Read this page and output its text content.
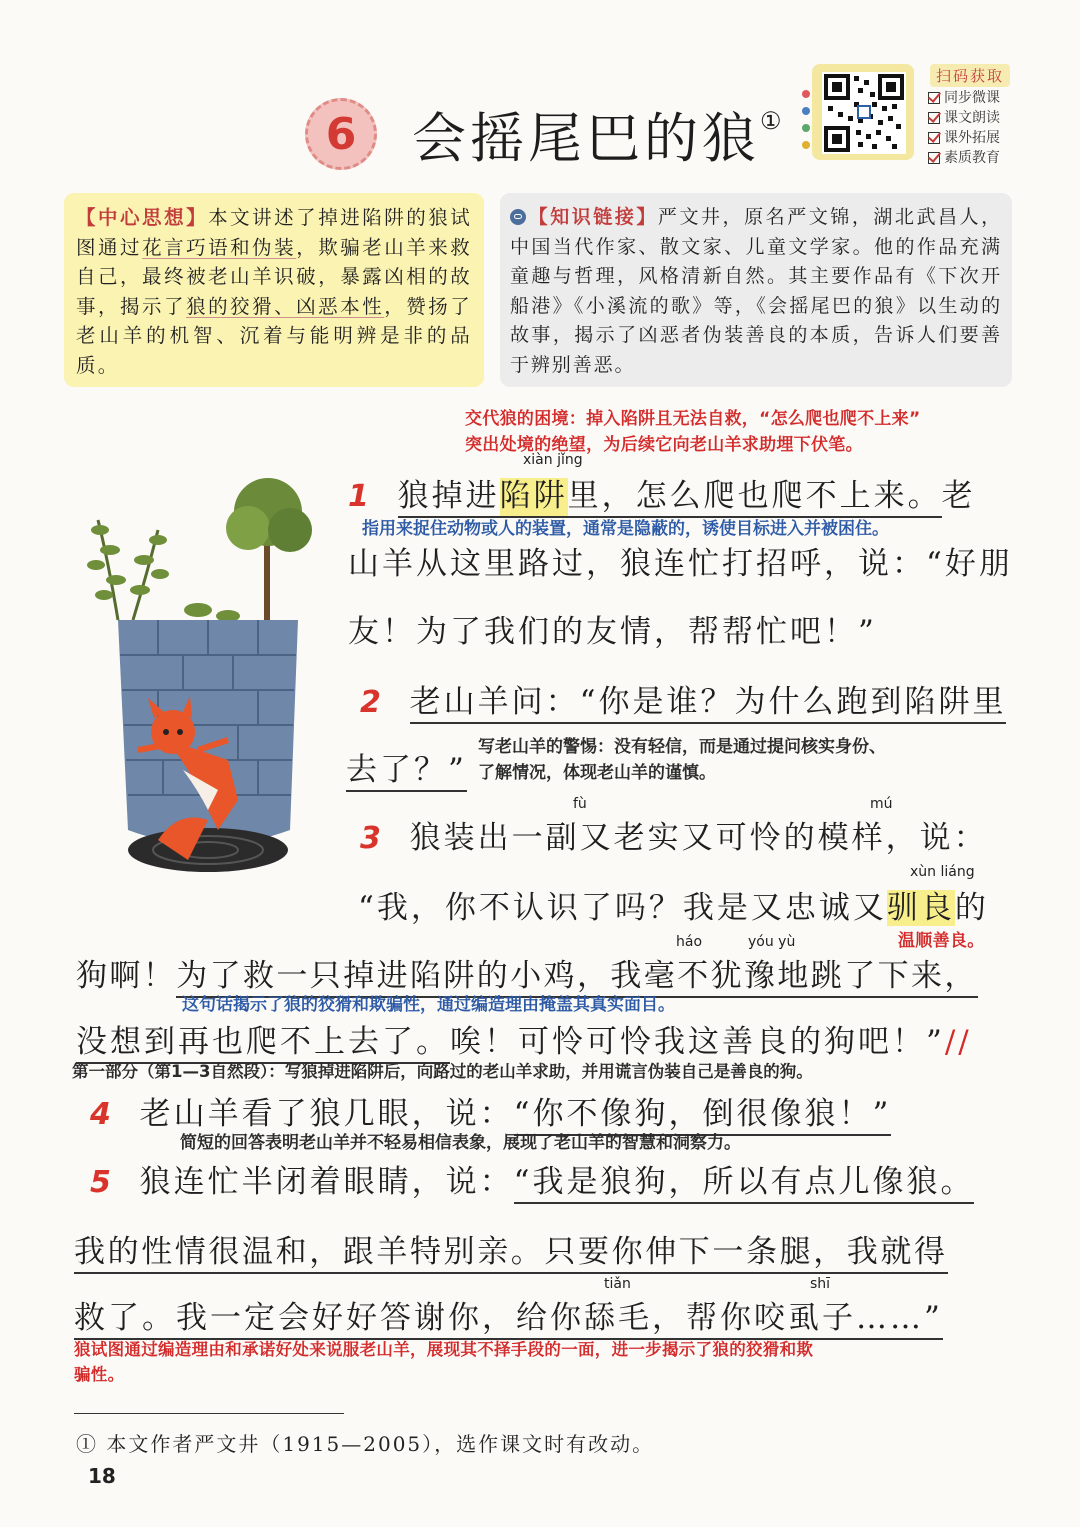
6	会摇尾巴的狼①
扫码获取
同步微课
课文朗读
课外拓展
素质教育
【中心思想】本文讲述了掉进陷阱的狼试图通过花言巧语和伪装，欺骗老山羊来救自己，最终被老山羊识破，暴露凶相的故事，揭示了狼的狡猾、凶恶本性，赞扬了老山羊的机智、沉着与能明辨是非的品质。
【知识链接】严文井，原名严文锦，湖北武昌人，中国当代作家、散文家、儿童文学家。他的作品充满童趣与哲理，风格清新自然。其主要作品有《下次开船港》《小溪流的歌》等，《会摇尾巴的狼》以生动的故事，揭示了凶恶者伪装善良的本质，告诉人们要善于辨别善恶。
交代狼的困境：掉入陷阱且无法自救，“怎么爬也爬不上来”
突出处境的绝望，为后续它向老山羊求助埋下伏笔。
xiàn jǐng
1 狼掉进陷阱里，怎么爬也爬不上来。老
指用来捉住动物或人的装置，通常是隐蔽的，诱使目标进入并被困住。
山羊从这里路过，狼连忙打招呼，说：“好朋
友！为了我们的友情，帮帮忙吧！”
2 老山羊问：“你是谁？为什么跑到陷阱里
去了？”
写老山羊的警惕：没有轻信，而是通过提问核实身份、
了解情况，体现老山羊的谨慎。
fù	mú
3 狼装出一副又老实又可怜的模样，说：
xùn liáng
“我，你不认识了吗？我是又忠诚又驯良的
温顺善良。
háo	yóu yù
狗啊！为了救一只掉进陷阱的小鸡，我毫不犹豫地跳了下来，
这句话揭示了狼的狡猾和欺骗性，通过编造理由掩盖其真实面目。
没想到再也爬不上去了。唉！可怜可怜我这善良的狗吧！”//
第一部分（第1—3自然段）：写狼掉进陷阱后，向路过的老山羊求助，并用谎言伪装自己是善良的狗。
4 老山羊看了狼几眼，说：“你不像狗，倒很像狼！”
简短的回答表明老山羊并不轻易相信表象，展现了老山羊的智慧和洞察力。
5 狼连忙半闭着眼睛，说：“我是狼狗，所以有点儿像狼。
我的性情很温和，跟羊特别亲。只要你伸下一条腿，我就得
tiǎn	shī
救了。我一定会好好答谢你，给你舔毛，帮你咬虱子……”
狼试图通过编造理由和承诺好处来说服老山羊，展现其不择手段的一面，进一步揭示了狼的狡猾和欺
骗性。
① 本文作者严文井（1915—2005），选作课文时有改动。
18
